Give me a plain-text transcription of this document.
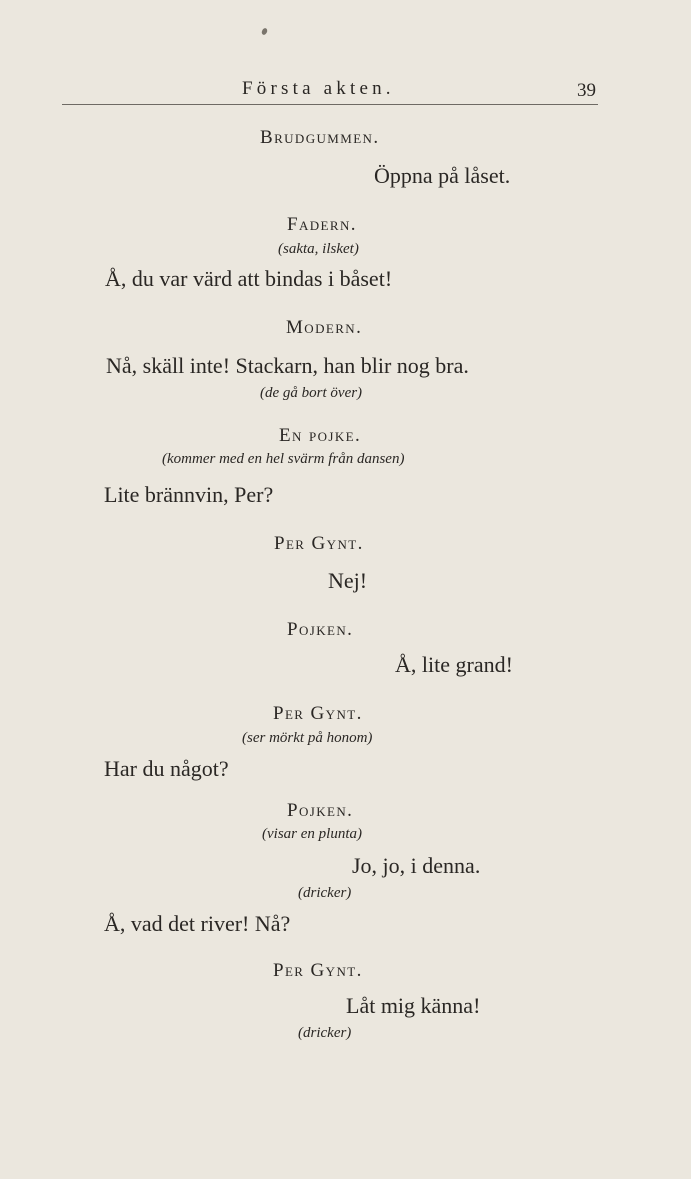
Första akten.	39
Brudgummen.
Öppna på låset.
Fadern.
(sakta, ilsket)
Å, du var värd att bindas i båset!
Modern.
Nå, skäll inte! Stackarn, han blir nog bra.
(de gå bort över)
En pojke.
(kommer med en hel svärm från dansen)
Lite brännvin, Per?
Per Gynt.
Nej!
Pojken.
Å, lite grand!
Per Gynt.
(ser mörkt på honom)
Har du något?
Pojken.
(visar en plunta)
Jo, jo, i denna.
(dricker)
Å, vad det river! Nå?
Per Gynt.
Låt mig känna!
(dricker)
